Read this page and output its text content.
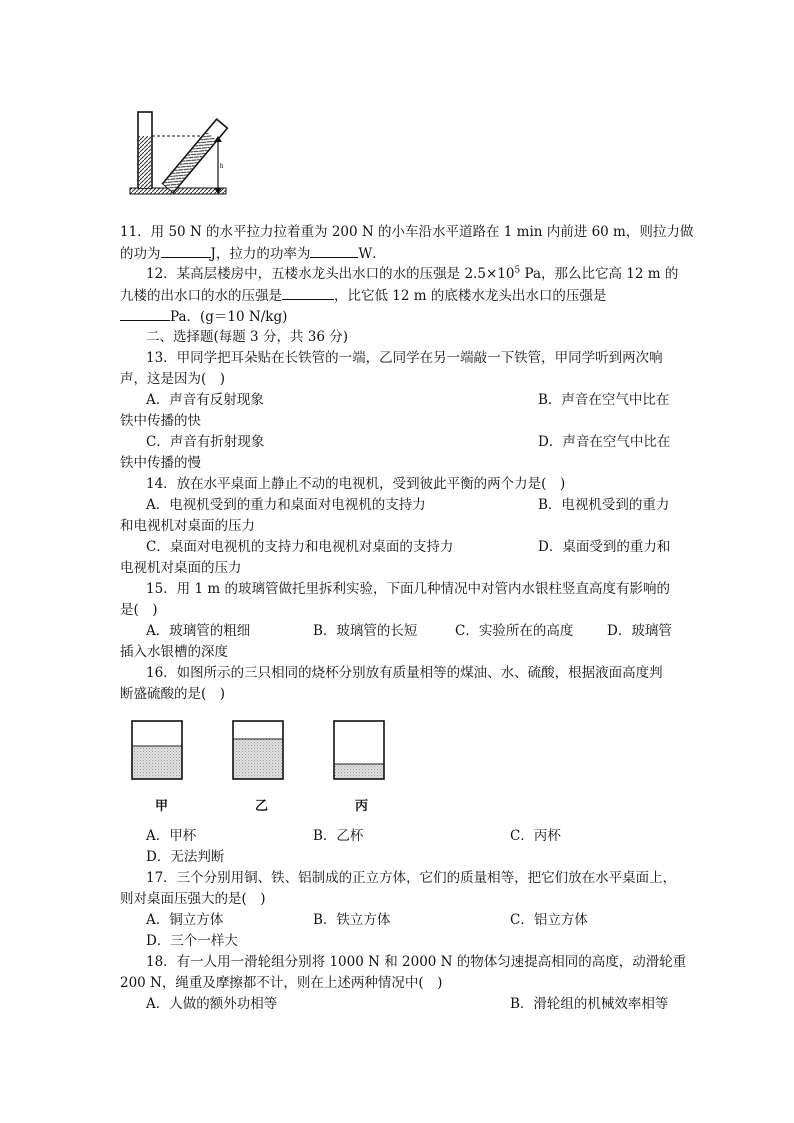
h
11．用 50 N 的水平拉力拉着重为 200 N 的小车沿水平道路在 1 min 内前进 60 m，则拉力做
的功为	J，拉力的功率为	W．
12．某高层楼房中，五楼水龙头出水口的水的压强是 $2.5\times 10^5$ Pa，那么比它高 12 m 的
九楼的出水口的水的压强是	，比它低 12 m 的底楼水龙头出水口的压强是
Pa．(g＝10 N/kg)
二、选择题(每题 3 分，共 36 分)
13．甲同学把耳朵贴在长铁管的一端，乙同学在另一端敲一下铁管，甲同学听到两次响
声，这是因为(　)
A．声音有反射现象	B．声音在空气中比在
铁中传播的快
C．声音有折射现象	D．声音在空气中比在
铁中传播的慢
14．放在水平桌面上静止不动的电视机，受到彼此平衡的两个力是(　)
A．电视机受到的重力和桌面对电视机的支持力	B．电视机受到的重力
和电视机对桌面的压力
C．桌面对电视机的支持力和电视机对桌面的支持力	D．桌面受到的重力和
电视机对桌面的压力
15．用 1 m 的玻璃管做托里拆利实验，下面几种情况中对管内水银柱竖直高度有影响的
是(　)
A．玻璃管的粗细	B．玻璃管的长短	C．实验所在的高度 D．玻璃管
插入水银槽的深度
16．如图所示的三只相同的烧杯分别放有质量相等的煤油、水、硫酸，根据液面高度判
断盛硫酸的是(　)
甲	乙	丙
A．甲杯	B．乙杯	C．丙杯
D．无法判断
17．三个分别用铜、铁、铝制成的正立方体，它们的质量相等，把它们放在水平桌面上，
则对桌面压强大的是(　)
A．铜立方体	B．铁立方体	C．铝立方体
D．三个一样大
18．有一人用一滑轮组分别将 1000 N 和 2000 N 的物体匀速提高相同的高度，动滑轮重
200 N，绳重及摩擦都不计，则在上述两种情况中(　)
A．人做的额外功相等	B．滑轮组的机械效率相等
